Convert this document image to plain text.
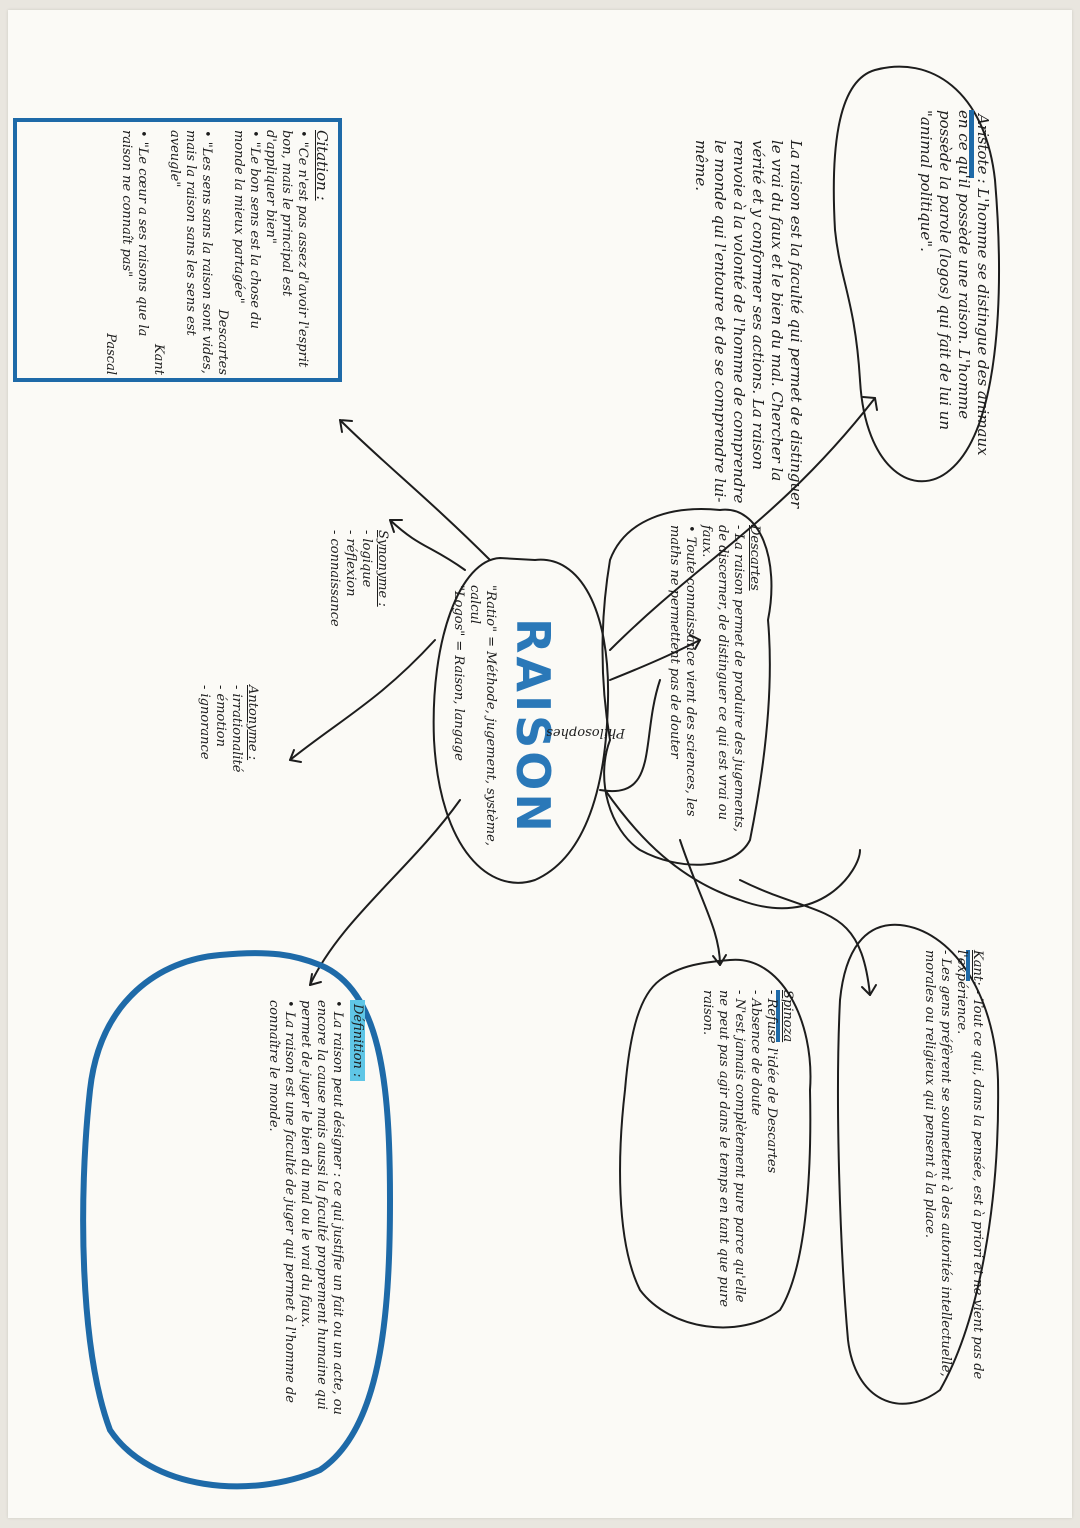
Aristote: L'homme se distingue des animaux en ce qu'il possède une raison. L'homme possède la parole (logos) qui fait de lui un "animal politique".

La raison est la faculté qui permet de distinguer le vrai du faux et le bien du mal. Chercher la vérité et y conformer ses actions. La raison renvoie à la volonté de l'homme de comprendre le monde qui l'entoure et de se comprendre lui-même.

Citation :

• "Ce n'est pas assez d'avoir l'esprit bon, mais le principal est d'appliquer bien"

• "Le bon sens est la chose du monde la mieux partagée"

Descartes

• "Les sens sans la raison sont vides, mais la raison sans les sens est aveugle"

Kant

• "Le cœur a ses raisons que la raison ne connaît pas"

Pascal

Descartes

- La raison permet de produire des jugements, de discerner, de distinguer ce qui est vrai ou faux.

• Toute connaissance vient des sciences, les maths ne permettent pas de douter

RAISON

"Ratio" = Méthode, jugement, système, calcul

"Logos" = Raison, langage

Synonyme :

- logique

- réflexion

- connaissance

Antonyme :

- irrationalité

- émotion

- ignorance	Philosophes

Kant: - Tout ce qui, dans la pensée, est à priori et ne vient pas de l'expérience.

- Les gens préfèrent se soumettent à des autorités intellectuelle, morales ou religieux qui pensent à la place.

Spinoza

- Refuse l'idée de Descartes

- Absence de doute

- N'est jamais complètement pure parce qu'elle ne peut pas agir dans le temps en tant que pure raison.

Définition :

• La raison peut désigner : ce qui justifie un fait ou un acte, ou encore la cause mais aussi la faculté proprement humaine qui permet de juger le bien du mal ou le vrai du faux.

• La raison est une faculté de juger qui permet à l'homme de connaître le monde.
